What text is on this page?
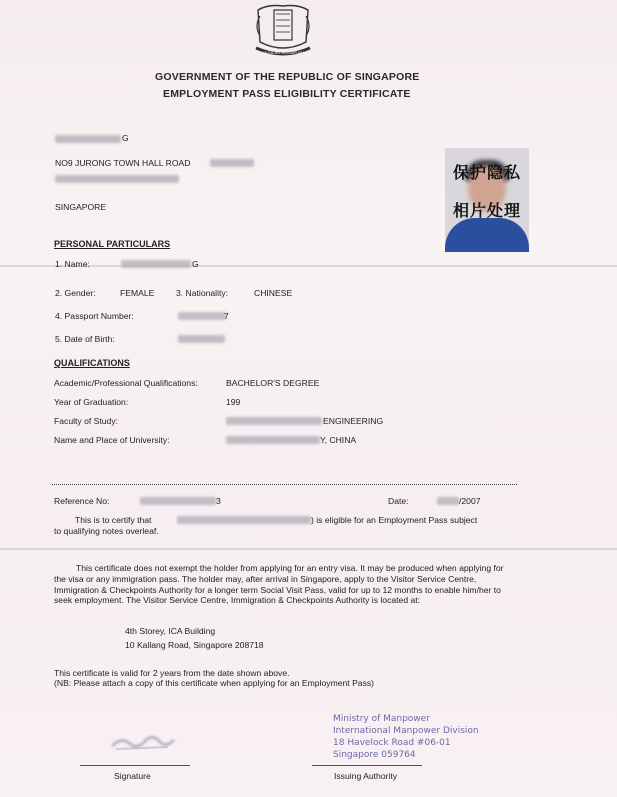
MAJULAH SINGAPURA
GOVERNMENT OF THE REPUBLIC OF SINGAPORE
EMPLOYMENT PASS ELIGIBILITY CERTIFICATE
G
NO9 JURONG TOWN HALL ROAD
SINGAPORE
保护隐私
相片处理
PERSONAL PARTICULARS
1. Name:	G
2. Gender:	FEMALE	3. Nationality:	CHINESE
4. Passport Number:	7
5. Date of Birth:
QUALIFICATIONS
Academic/Professional Qualifications:	BACHELOR'S DEGREE
Year of Graduation:	199
Faculty of Study:	ENGINEERING
Name and Place of University:	Y, CHINA
Reference No:	3	Date:	/2007
This is to certify that	) is eligible for an Employment Pass subject
to qualifying notes overleaf.
This certificate does not exempt the holder from applying for an entry visa. It may be produced when applying for the visa or any immigration pass. The holder may, after arrival in Singapore, apply to the Visitor Service Centre, Immigration & Checkpoints Authority for a longer term Social Visit Pass, valid for up to 12 months to enable him/her to seek employment. The Visitor Service Centre, Immigration & Checkpoints Authority is located at:
4th Storey, ICA Building
10 Kallang Road, Singapore 208718
This certificate is valid for 2 years from the date shown above.
(NB: Please attach a copy of this certificate when applying for an Employment Pass)
Ministry of Manpower
International Manpower Division
18 Havelock Road #06-01
Singapore 059764
Signature	Issuing Authority
